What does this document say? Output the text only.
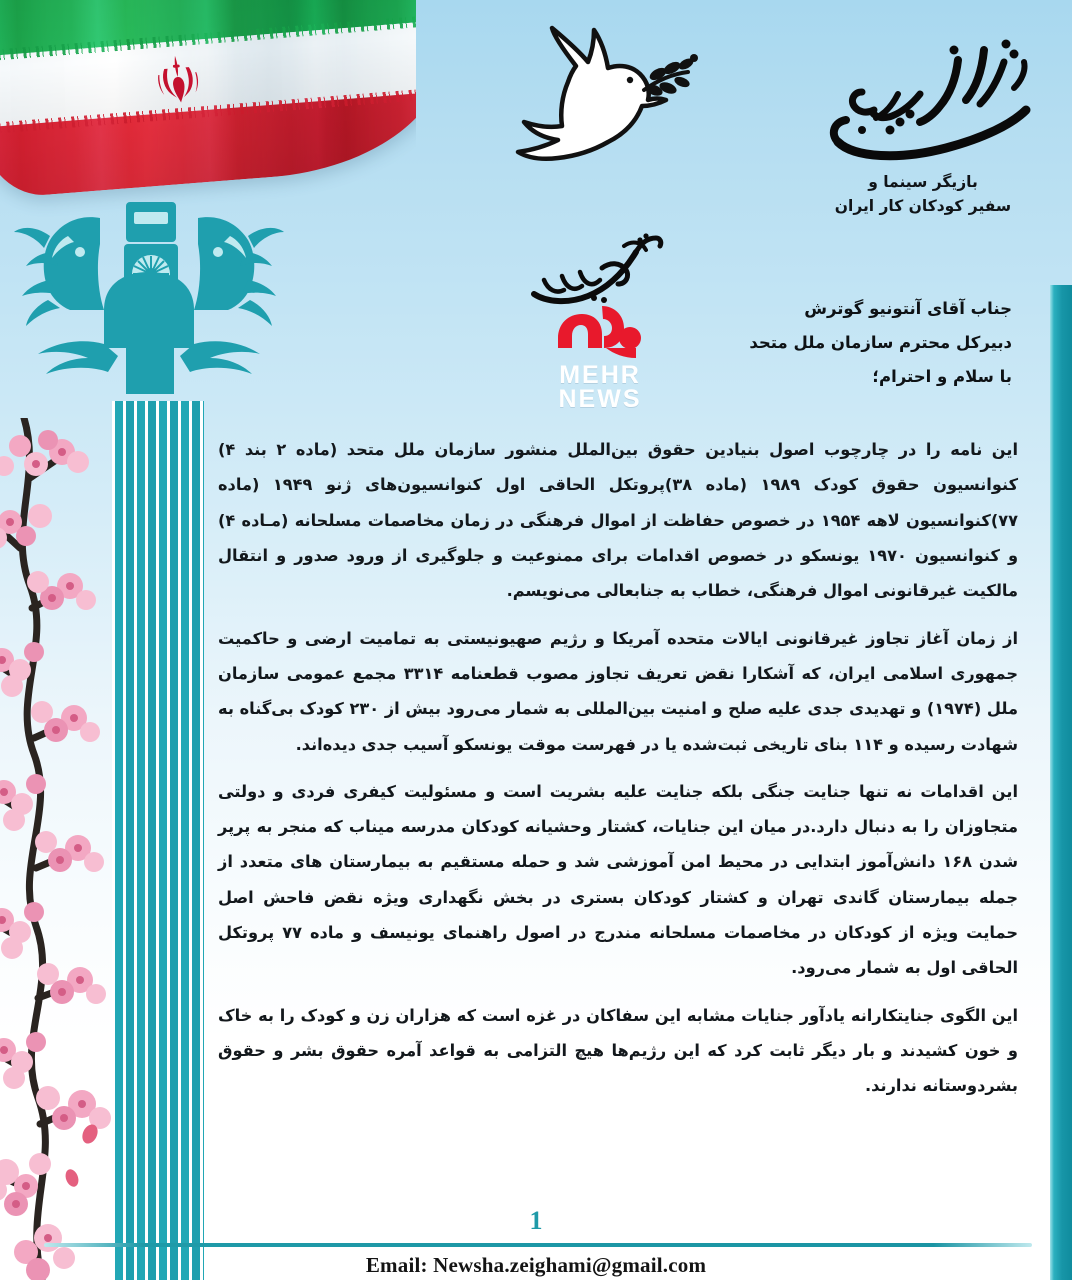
MEHR
NEWS
بازیگر سینما و
سفیر کودکان کار ایران
جناب آقای آنتونیو گوترش
دبیرکل محترم سازمان ملل متحد
با سلام و احترام؛

این نامه را در چارچوب اصول بنیادین حقوق بین‌الملل منشور سازمان ملل متحد (ماده ۲ بند ۴) کنوانسیون حقوق کودک ۱۹۸۹ (ماده ۳۸)پروتکل الحاقی اول کنوانسیون‌های ژنو ۱۹۴۹ (ماده ۷۷)کنوانسیون لاهه ۱۹۵۴ در خصوص حفاظت از اموال فرهنگی در زمان مخاصمات مسلحانه (مـاده ۴) و کنوانسیون ۱۹۷۰ یونسکو در خصوص اقدامات برای ممنوعیت و جلوگیری از ورود صدور و انتقال مالکیت غیرقانونی اموال فرهنگی، خطاب به جنابعالی می‌نویسم.

از زمان آغاز تجاوز غیرقانونی ایالات متحده آمریکا و رژیم صهیونیستی به تمامیت ارضی و حاکمیت جمهوری اسلامی ایران، که آشکارا نقض تعریف تجاوز مصوب قطعنامه ۳۳۱۴ مجمع عمومی سازمان ملل (۱۹۷۴) و تهدیدی جدی علیه صلح و امنیت بین‌المللی به شمار می‌رود بیش از ۲۳۰ کودک بی‌گناه به شهادت رسیده و ۱۱۴ بنای تاریخی ثبت‌شده یا در فهرست موقت یونسکو آسیب جدی دیده‌اند.

این اقدامات نه تنها جنایت جنگی بلکه جنایت علیه بشریت است و مسئولیت کیفری فردی و دولتی متجاوزان را به دنبال دارد.در میان این جنایات، کشتار وحشیانه کودکان مدرسه میناب که منجر به پرپر شدن ۱۶۸ دانش‌آموز ابتدایی در محیط امن آموزشی شد و حمله مستقیم به بیمارستان های متعدد از جمله بیمارستان گاندی تهران و کشتار کودکان بستری در بخش نگهداری ویژه نقض فاحش اصل حمایت ویژه از کودکان در مخاصمات مسلحانه مندرج در اصول راهنمای یونیسف و ماده ۷۷ پروتکل الحاقی اول به شمار می‌رود.

این الگوی جنایتکارانه یادآور جنایات مشابه این سفاکان در غزه است که هزاران زن و کودک را به خاک و خون کشیدند و بار دیگر ثابت کرد که این رژیم‌ها هیچ التزامی به قواعد آمره حقوق بشر و حقوق بشردوستانه ندارند.

1
Email: Newsha.zeighami@gmail.com
